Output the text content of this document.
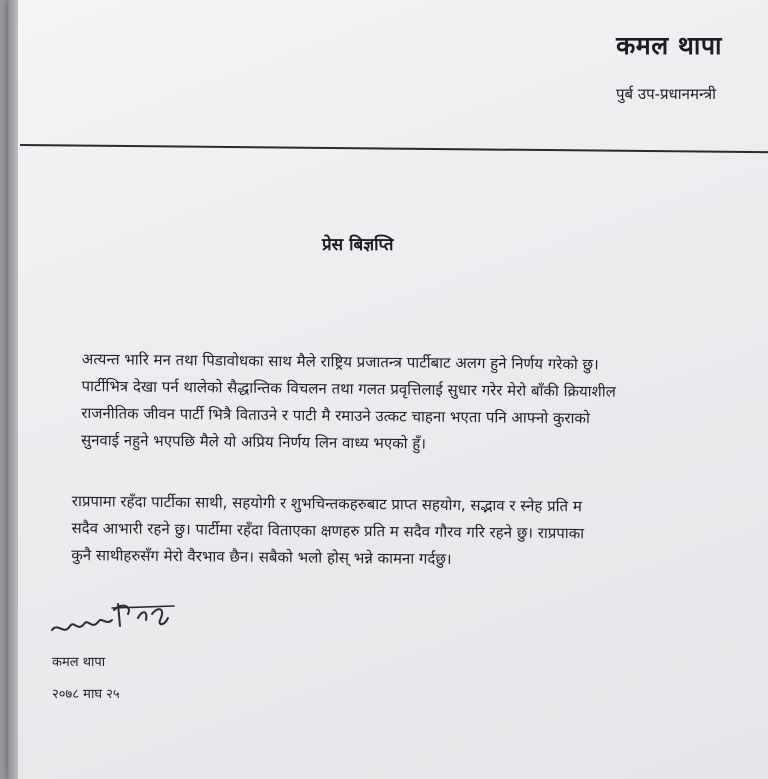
कमल थापा
पुर्ब उप-प्रधानमन्त्री
प्रेस बिज्ञप्ति
अत्यन्त भारि मन तथा पिडावोधका साथ मैले राष्ट्रिय प्रजातन्त्र पार्टीबाट अलग हुने निर्णय गरेको छु।
पार्टीभित्र देखा पर्न थालेको सैद्धान्तिक विचलन तथा गलत प्रवृत्तिलाई सुधार गरेर मेरो बाँकी क्रियाशील
राजनीतिक जीवन पार्टी भित्रै विताउने र पाटी मै रमाउने उत्कट चाहना भएता पनि आफ्नो कुराको
सुनवाई नहुने भएपछि मैले यो अप्रिय निर्णय लिन वाध्य भएको हुँ।
राप्रपामा रहँदा पार्टीका साथी, सहयोगी र शुभचिन्तकहरुबाट प्राप्त सहयोग, सद्भाव र स्नेह प्रति म
सदैव आभारी रहने छु। पार्टीमा रहँदा विताएका क्षणहरु प्रति म सदैव गौरव गरि रहने छु। राप्रपाका
कुनै साथीहरुसँग मेरो वैरभाव छैन। सबैको भलो होस् भन्ने कामना गर्दछु।
कमल थापा
२०७८ माघ २५
